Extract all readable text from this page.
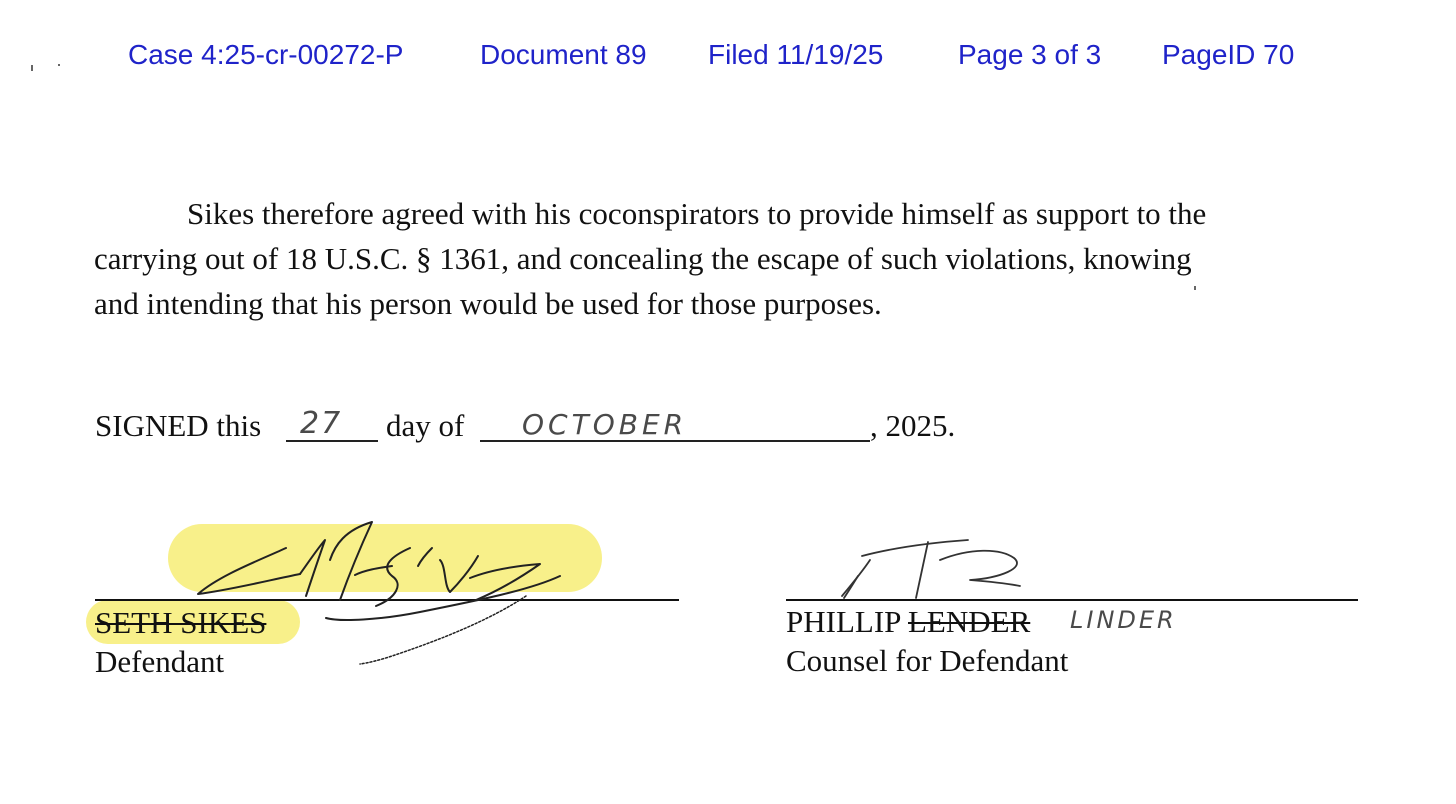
Case 4:25-cr-00272-P	Document 89 Filed 11/19/25	Page 3 of 3 PageID 70
Sikes therefore agreed with his coconspirators to provide himself as support to the
carrying out of 18 U.S.C. § 1361, and concealing the escape of such violations, knowing
and intending that his person would be used for those purposes.
SIGNED this 27 day of OCTOBER	, 2025.
SETH SIKES
Defendant
PHILLIP LENDER LINDER
Counsel for Defendant
